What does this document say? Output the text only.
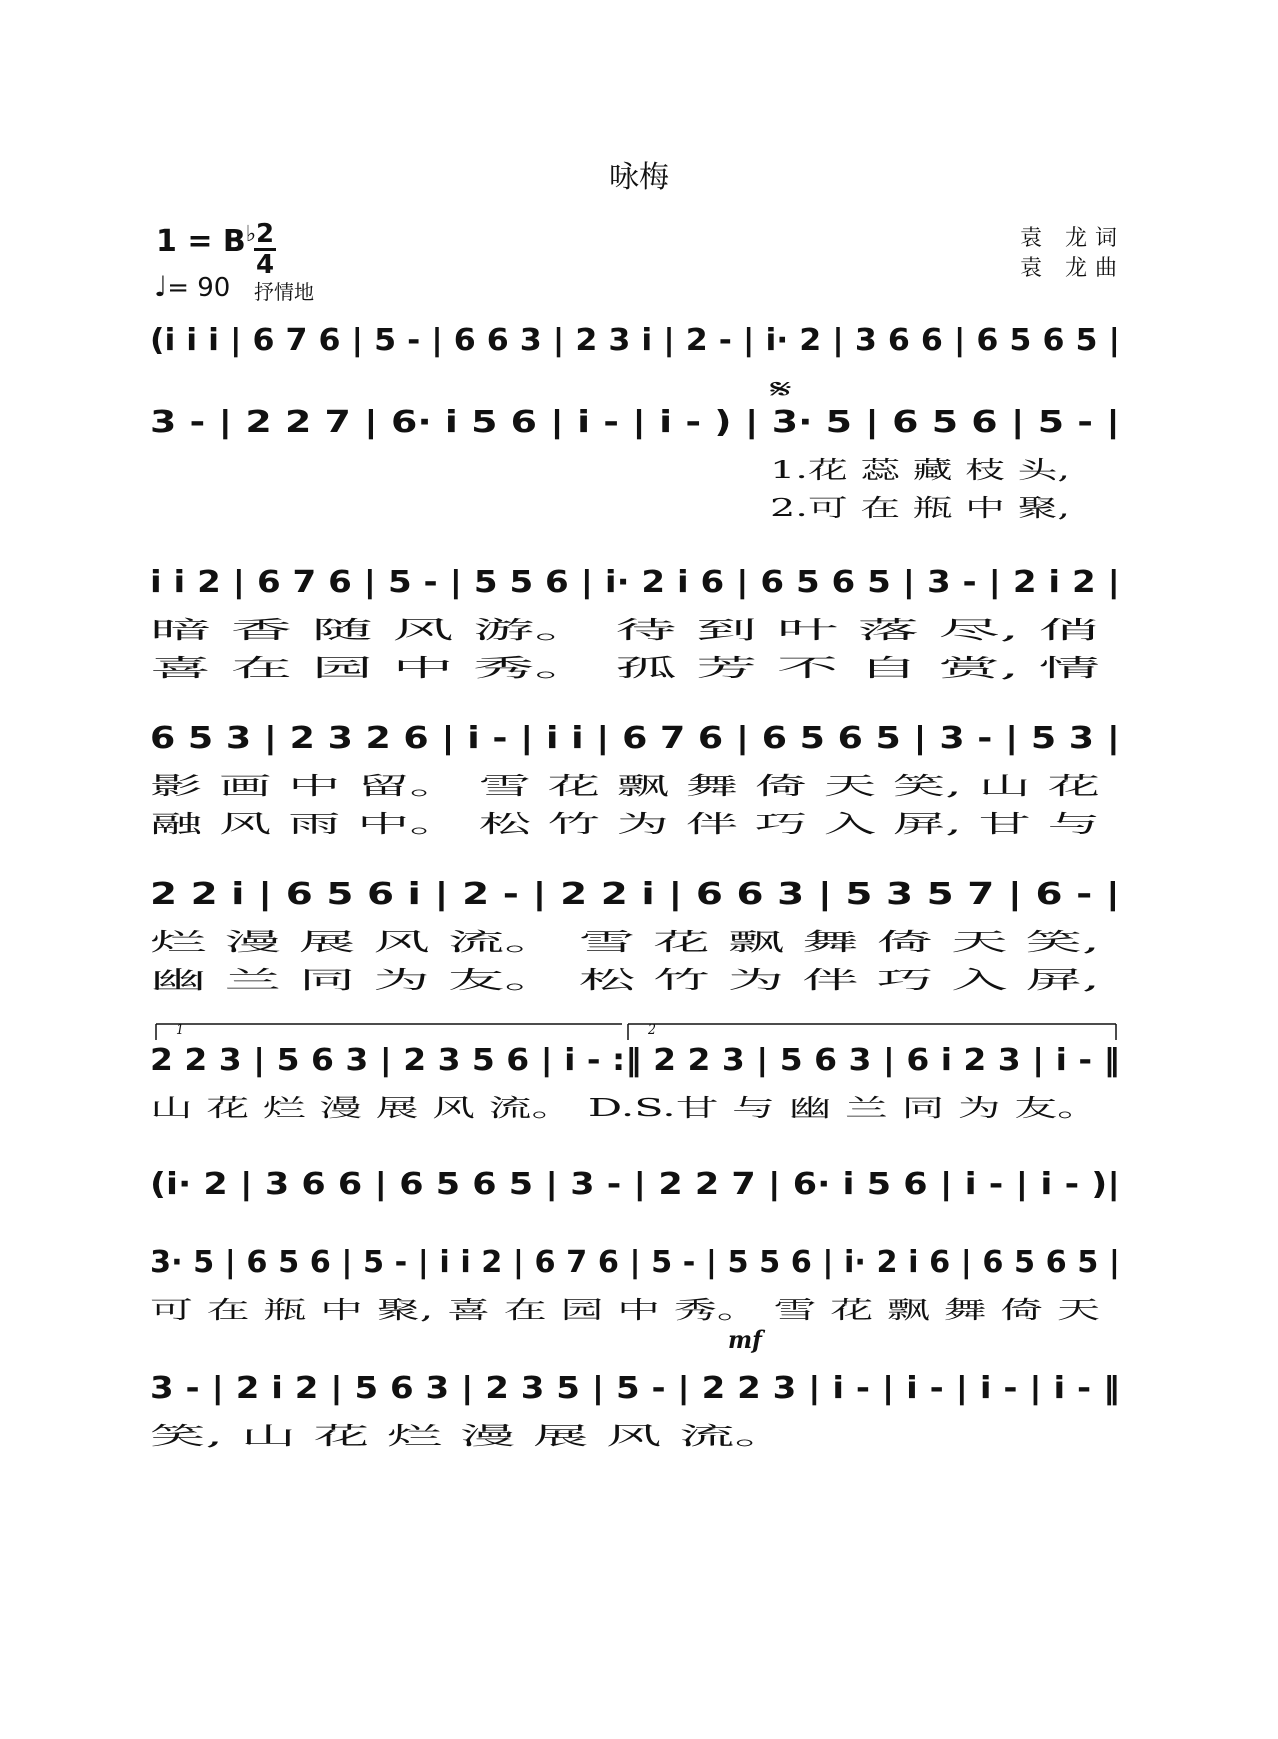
咏梅
1 = B♭ 2
4
♩= 90 抒情地
袁 龙词
袁 龙曲
(i i i | 6 7 6 | 5 - | 6 6 3 | 2 3 i | 2 - | i· 2 | 3 6 6 | 6 5 6 5 |
3 - | 2 2 7 | 6· i 5 6 | i - | i - ) | 3· 5 | 6 5 6 | 5 - |
1.花 蕊 藏 枝 头,
2.可 在 瓶 中 聚,
i i 2 | 6 7 6 | 5 - | 5 5 6 | i· 2 i 6 | 6 5 6 5 | 3 - | 2 i 2 |
暗 香 随 风 游。 待 到 叶 落 尽, 俏
喜 在 园 中 秀。 孤 芳 不 自 赏, 情
6 5 3 | 2 3 2 6 | i - | i i | 6 7 6 | 6 5 6 5 | 3 - | 5 3 |
影 画 中 留。 雪 花 飘 舞 倚 天 笑, 山 花
融 风 雨 中。 松 竹 为 伴 巧 入 屏, 甘 与
2 2 i | 6 5 6 i | 2 - | 2 2 i | 6 6 3 | 5 3 5 7 | 6 - |
烂 漫 展 风 流。 雪 花 飘 舞 倚 天 笑,
幽 兰 同 为 友。 松 竹 为 伴 巧 入 屏,
2 2 3 | 5 6 3 | 2 3 5 6 | i - :‖ 2 2 3 | 5 6 3 | 6 i 2 3 | i - ‖
山 花 烂 漫 展 风 流。 D.S.甘 与 幽 兰 同 为 友。
(i· 2 | 3 6 6 | 6 5 6 5 | 3 - | 2 2 7 | 6· i 5 6 | i - | i - )|
3· 5 | 6 5 6 | 5 - | i i 2 | 6 7 6 | 5 - | 5 5 6 | i· 2 i 6 | 6 5 6 5 |
可 在 瓶 中 聚, 喜 在 园 中 秀。 雪 花 飘 舞 倚 天
3 - | 2 i 2 | 5 6 3 | 2 3 5 | 5 - | 2 2 3 | i - | i - | i - | i - ‖
笑, 山 花 烂 漫 展 风 流。
𝄋
1	2
mf
